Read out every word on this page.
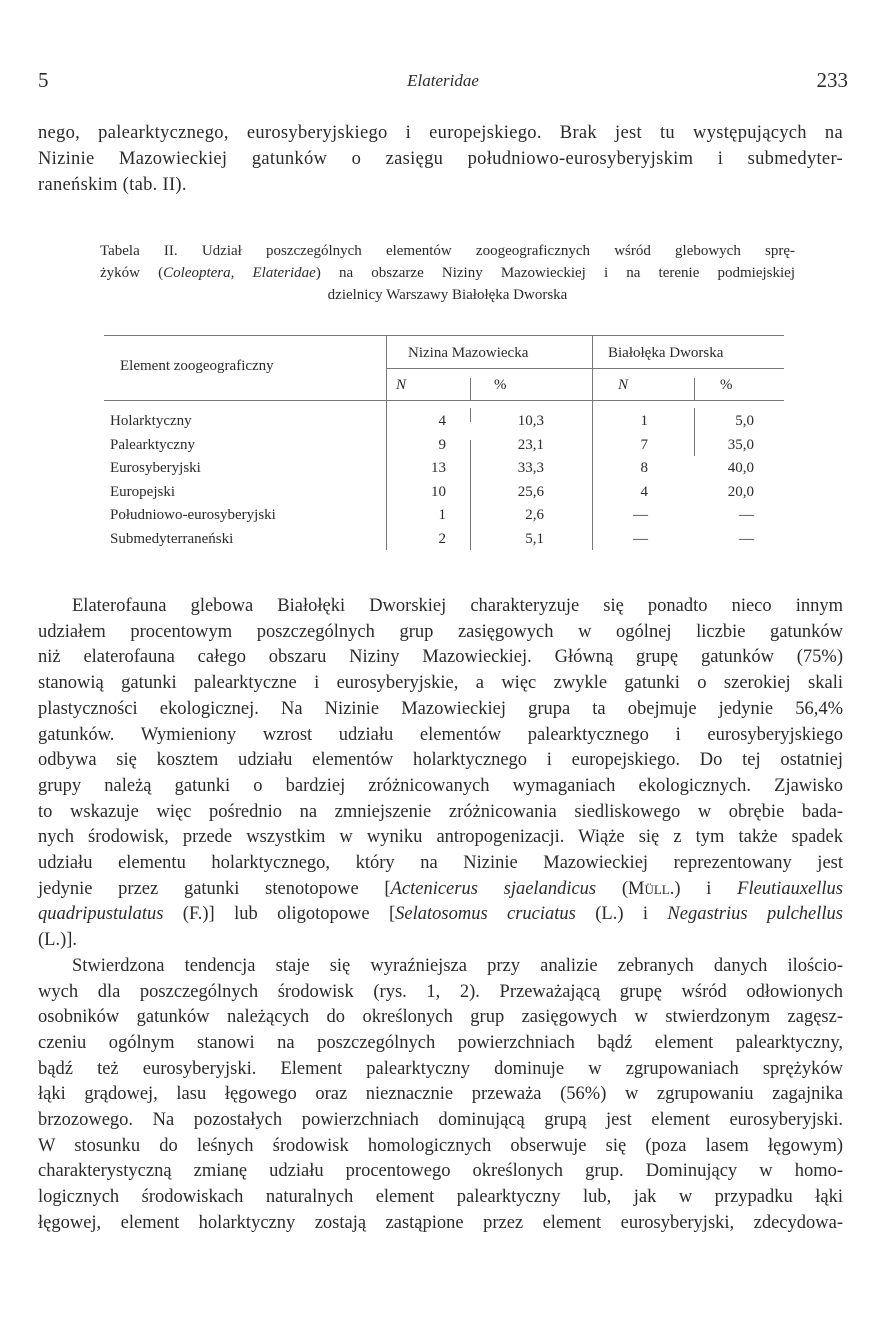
5	Elateridae	233
nego, palearktycznego, eurosyberyjskiego i europejskiego. Brak jest tu występujących na
Nizinie Mazowieckiej gatunków o zasięgu południowo-eurosyberyjskim i submedyter-
raneńskim (tab. II).
Tabela II. Udział poszczególnych elementów zoogeograficznych wśród glebowych sprę-
żyków (Coleoptera, Elateridae) na obszarze Niziny Mazowieckiej i na terenie podmiejskiej
dzielnicy Warszawy Białołęka Dworska
Element zoogeograficzny
Nizina Mazowiecka	Białołęka Dworska
N	%	N	%
Holarktyczny	4	10,3	1	5,0
Palearktyczny	9	23,1	7	35,0
Eurosyberyjski	13	33,3	8	40,0
Europejski	10	25,6	4	20,0
Południowo-eurosyberyjski	1	2,6	—	—
Submedyterraneński	2	5,1	—	—

Elaterofauna glebowa Białołęki Dworskiej charakteryzuje się ponadto nieco innym
udziałem procentowym poszczególnych grup zasięgowych w ogólnej liczbie gatunków
niż elaterofauna całego obszaru Niziny Mazowieckiej. Główną grupę gatunków (75%)
stanowią gatunki palearktyczne i eurosyberyjskie, a więc zwykle gatunki o szerokiej skali
plastyczności ekologicznej. Na Nizinie Mazowieckiej grupa ta obejmuje jedynie 56,4%
gatunków. Wymieniony wzrost udziału elementów palearktycznego i eurosyberyjskiego
odbywa się kosztem udziału elementów holarktycznego i europejskiego. Do tej ostatniej
grupy należą gatunki o bardziej zróżnicowanych wymaganiach ekologicznych. Zjawisko
to wskazuje więc pośrednio na zmniejszenie zróżnicowania siedliskowego w obrębie bada-
nych środowisk, przede wszystkim w wyniku antropogenizacji. Wiąże się z tym także spadek
udziału elementu holarktycznego, który na Nizinie Mazowieckiej reprezentowany jest
jedynie przez gatunki stenotopowe [Actenicerus sjaelandicus (Müll.) i Fleutiauxellus
quadripustulatus (F.)] lub oligotopowe [Selatosomus cruciatus (L.) i Negastrius pulchellus
(L.)].

Stwierdzona tendencja staje się wyraźniejsza przy analizie zebranych danych ilościo-
wych dla poszczególnych środowisk (rys. 1, 2). Przeważającą grupę wśród odłowionych
osobników gatunków należących do określonych grup zasięgowych w stwierdzonym zagęsz-
czeniu ogólnym stanowi na poszczególnych powierzchniach bądź element palearktyczny,
bądź też eurosyberyjski. Element palearktyczny dominuje w zgrupowaniach sprężyków
łąki grądowej, lasu łęgowego oraz nieznacznie przeważa (56%) w zgrupowaniu zagajnika
brzozowego. Na pozostałych powierzchniach dominującą grupą jest element eurosyberyjski.
W stosunku do leśnych środowisk homologicznych obserwuje się (poza lasem łęgowym)
charakterystyczną zmianę udziału procentowego określonych grup. Dominujący w homo-
logicznych środowiskach naturalnych element palearktyczny lub, jak w przypadku łąki
łęgowej, element holarktyczny zostają zastąpione przez element eurosyberyjski, zdecydowa-
